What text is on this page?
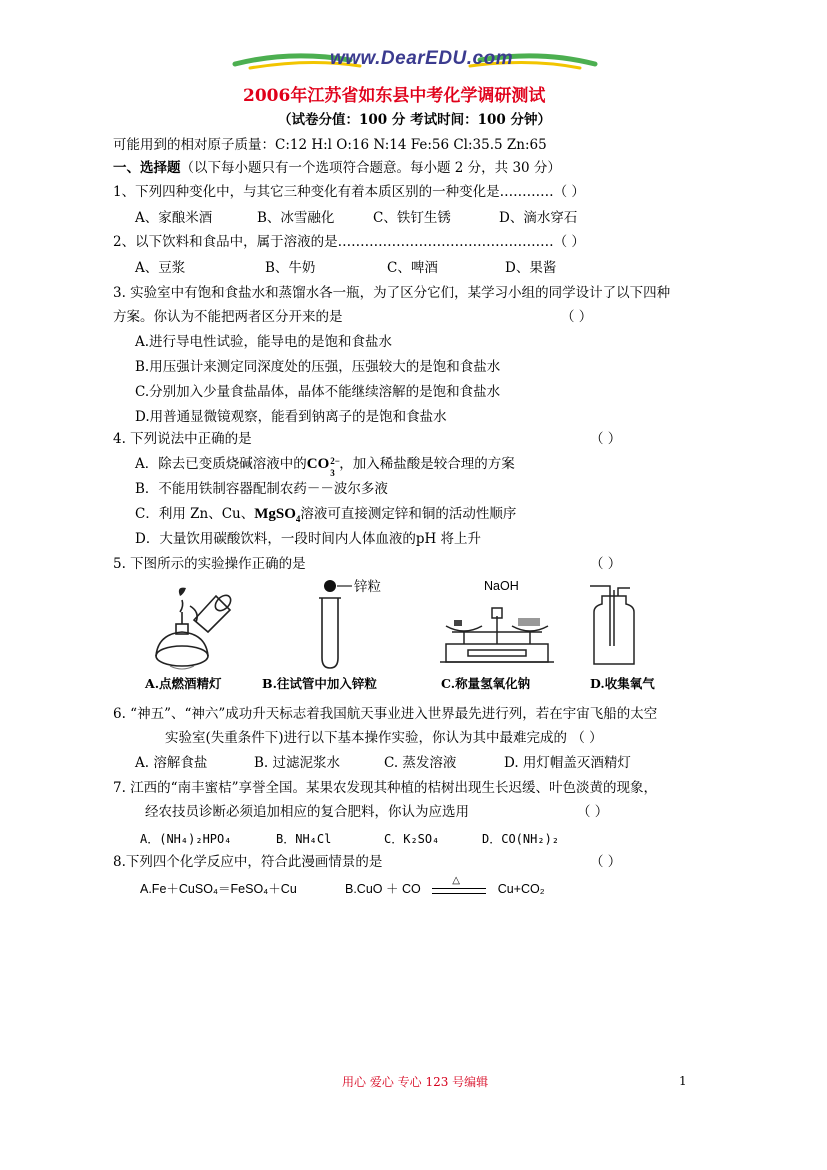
www.DearEDU.com
2006年江苏省如东县中考化学调研测试
（试卷分值：100 分 考试时间：100 分钟）
可能用到的相对原子质量：C:12 H:l O:16 N:14 Fe:56 Cl:35.5 Zn:65
一、选择题（以下每小题只有一个选项符合题意。每小题 2 分，共 30 分）
1、下列四种变化中，与其它三种变化有着本质区别的一种变化是…………（ ）
A、家酿米酒	B、冰雪融化	C、铁钉生锈	D、滴水穿石
2、以下饮料和食品中，属于溶液的是…………………………………………（ ）
A、豆浆	B、牛奶	C、啤酒	D、果酱
3. 实验室中有饱和食盐水和蒸馏水各一瓶，为了区分它们，某学习小组的同学设计了以下四种
方案。你认为不能把两者区分开来的是	（ ）
A.进行导电性试验，能导电的是饱和食盐水
B.用压强计来测定同深度处的压强，压强较大的是饱和食盐水
C.分别加入少量食盐晶体，晶体不能继续溶解的是饱和食盐水
D.用普通显微镜观察，能看到钠离子的是饱和食盐水
4. 下列说法中正确的是	（ ）
A．除去已变质烧碱溶液中的CO 2−
3
，加入稀盐酸是较合理的方案
B．不能用铁制容器配制农药－－波尔多液
C．利用 Zn、Cu、MgSO$_4$溶液可直接测定锌和铜的活动性顺序
D．大量饮用碳酸饮料，一段时间内人体血液的pH 将上升
5. 下图所示的实验操作正确的是	（ ）
A.点燃酒精灯
锌粒
B.往试管中加入锌粒
NaOH
C.称量氢氧化钠	D.收集氧气
6. “神五”、“神六”成功升天标志着我国航天事业进入世界最先进行列，若在宇宙飞船的太空
实验室(失重条件下)进行以下基本操作实验，你认为其中最难完成的 （ ）
A. 溶解食盐	B. 过滤泥浆水	C. 蒸发溶液	D. 用灯帽盖灭酒精灯
7. 江西的“南丰蜜桔”享誉全国。某果农发现其种植的桔树出现生长迟缓、叶色淡黄的现象，
经农技员诊断必须追加相应的复合肥料，你认为应选用	（ ）
A．(NH₄)₂HPO₄	B．NH₄Cl	C．K₂SO₄	D．CO(NH₂)₂
8.下列四个化学反应中，符合此漫画情景的是	（ ）
A.Fe＋CuSO₄＝FeSO₄＋Cu	B.CuO ＋ CO
△
Cu+CO₂
用心 爱心 专心 123 号编辑	1
